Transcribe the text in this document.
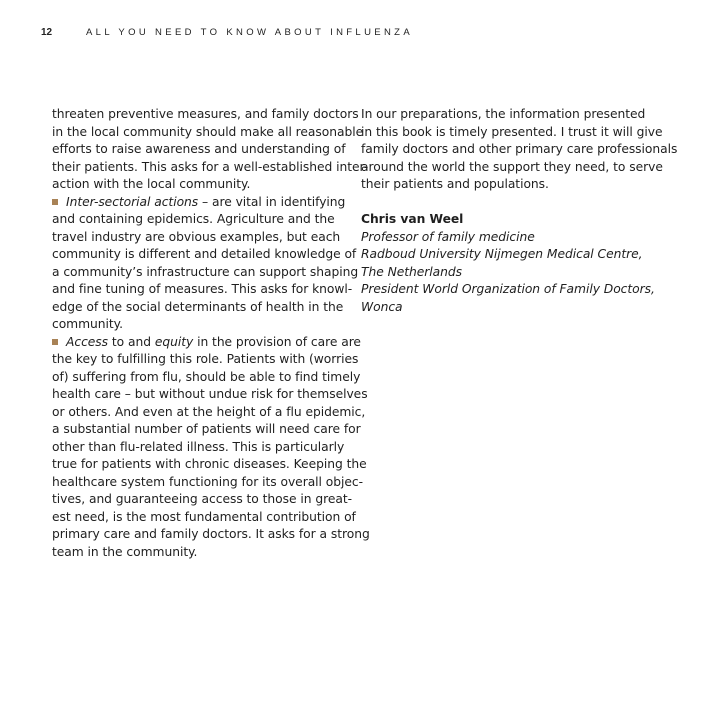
12	ALL YOU NEED TO KNOW ABOUT INFLUENZA

threaten preventive measures, and family doctors
in the local community should make all reasonable
efforts to raise awareness and understanding of
their patients. This asks for a well-established inter-
action with the local community.

Inter-sectorial actions – are vital in identifying
and containing epidemics. Agriculture and the
travel industry are obvious examples, but each
community is different and detailed knowledge of
a community’s infrastructure can support shaping
and fine tuning of measures. This asks for knowl-
edge of the social determinants of health in the
community.

Access to and equity in the provision of care are
the key to fulfilling this role. Patients with (worries
of) suffering from flu, should be able to find timely
health care – but without undue risk for themselves
or others. And even at the height of a flu epidemic,
a substantial number of patients will need care for
other than flu-related illness. This is particularly
true for patients with chronic diseases. Keeping the
healthcare system functioning for its overall objec-
tives, and guaranteeing access to those in great-
est need, is the most fundamental contribution of
primary care and family doctors. It asks for a strong
team in the community.

In our preparations, the information presented
in this book is timely presented. I trust it will give
family doctors and other primary care professionals
around the world the support they need, to serve
their patients and populations.

Chris van Weel
Professor of family medicine
Radboud University Nijmegen Medical Centre,
The Netherlands
President World Organization of Family Doctors,
Wonca
